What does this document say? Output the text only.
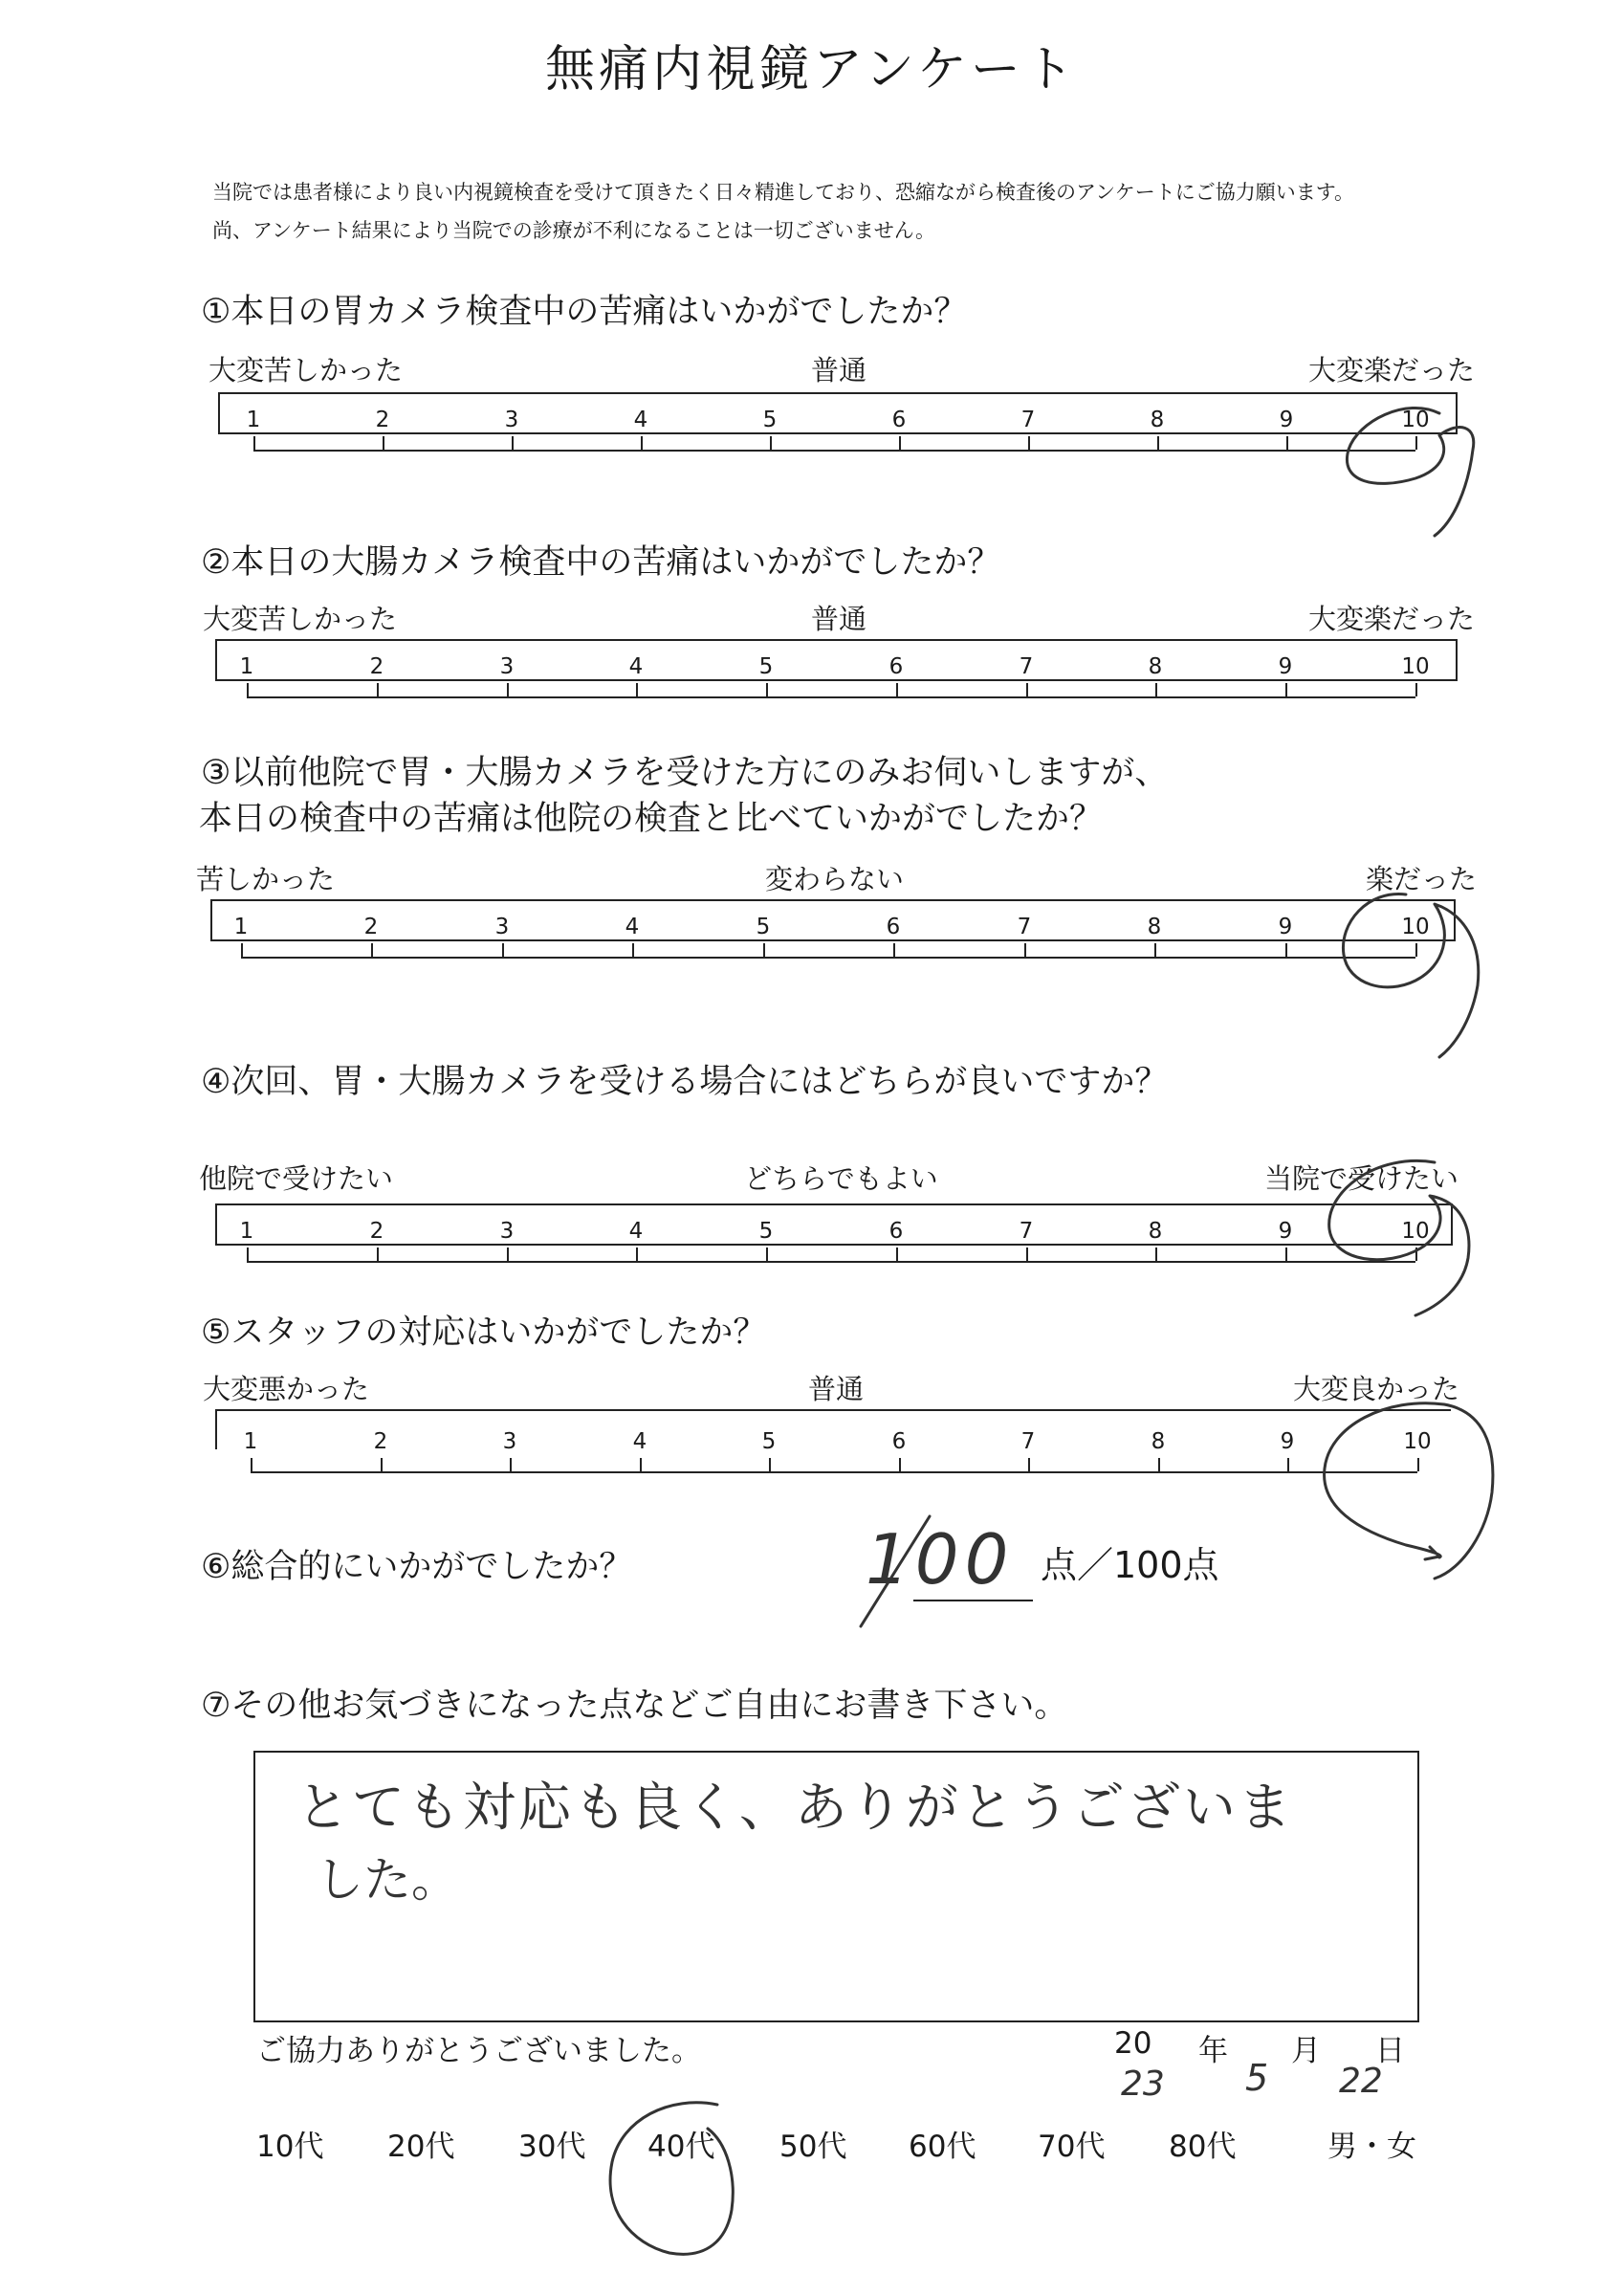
無痛内視鏡アンケート
当院では患者様により良い内視鏡検査を受けて頂きたく日々精進しており、恐縮ながら検査後のアンケートにご協力願います。
尚、アンケート結果により当院での診療が不利になることは一切ございません。
①本日の胃カメラ検査中の苦痛はいかがでしたか？
大変苦しかった	普通	大変楽だった
1	2	3	4	5	6	7	8	9	10
②本日の大腸カメラ検査中の苦痛はいかがでしたか？
大変苦しかった	普通	大変楽だった
1	2	3	4	5	6	7	8	9	10
③以前他院で胃・大腸カメラを受けた方にのみお伺いしますが、
本日の検査中の苦痛は他院の検査と比べていかがでしたか？
苦しかった	変わらない	楽だった
1	2	3	4	5	6	7	8	9	10
④次回、胃・大腸カメラを受ける場合にはどちらが良いですか？
他院で受けたい	どちらでもよい	当院で受けたい
1	2	3	4	5	6	7	8	9	10
⑤スタッフの対応はいかがでしたか？
大変悪かった	普通	大変良かった
1	2	3	4	5	6	7	8	9	10
⑥総合的にいかがでしたか？	100 点／100点
⑦その他お気づきになった点などご自由にお書き下さい。
とても対応も良く、ありがとうございま
した。
ご協力ありがとうございました。	20 年 月 日
23 5 22
10代 20代 30代 40代 50代 60代 70代 80代	男・女
